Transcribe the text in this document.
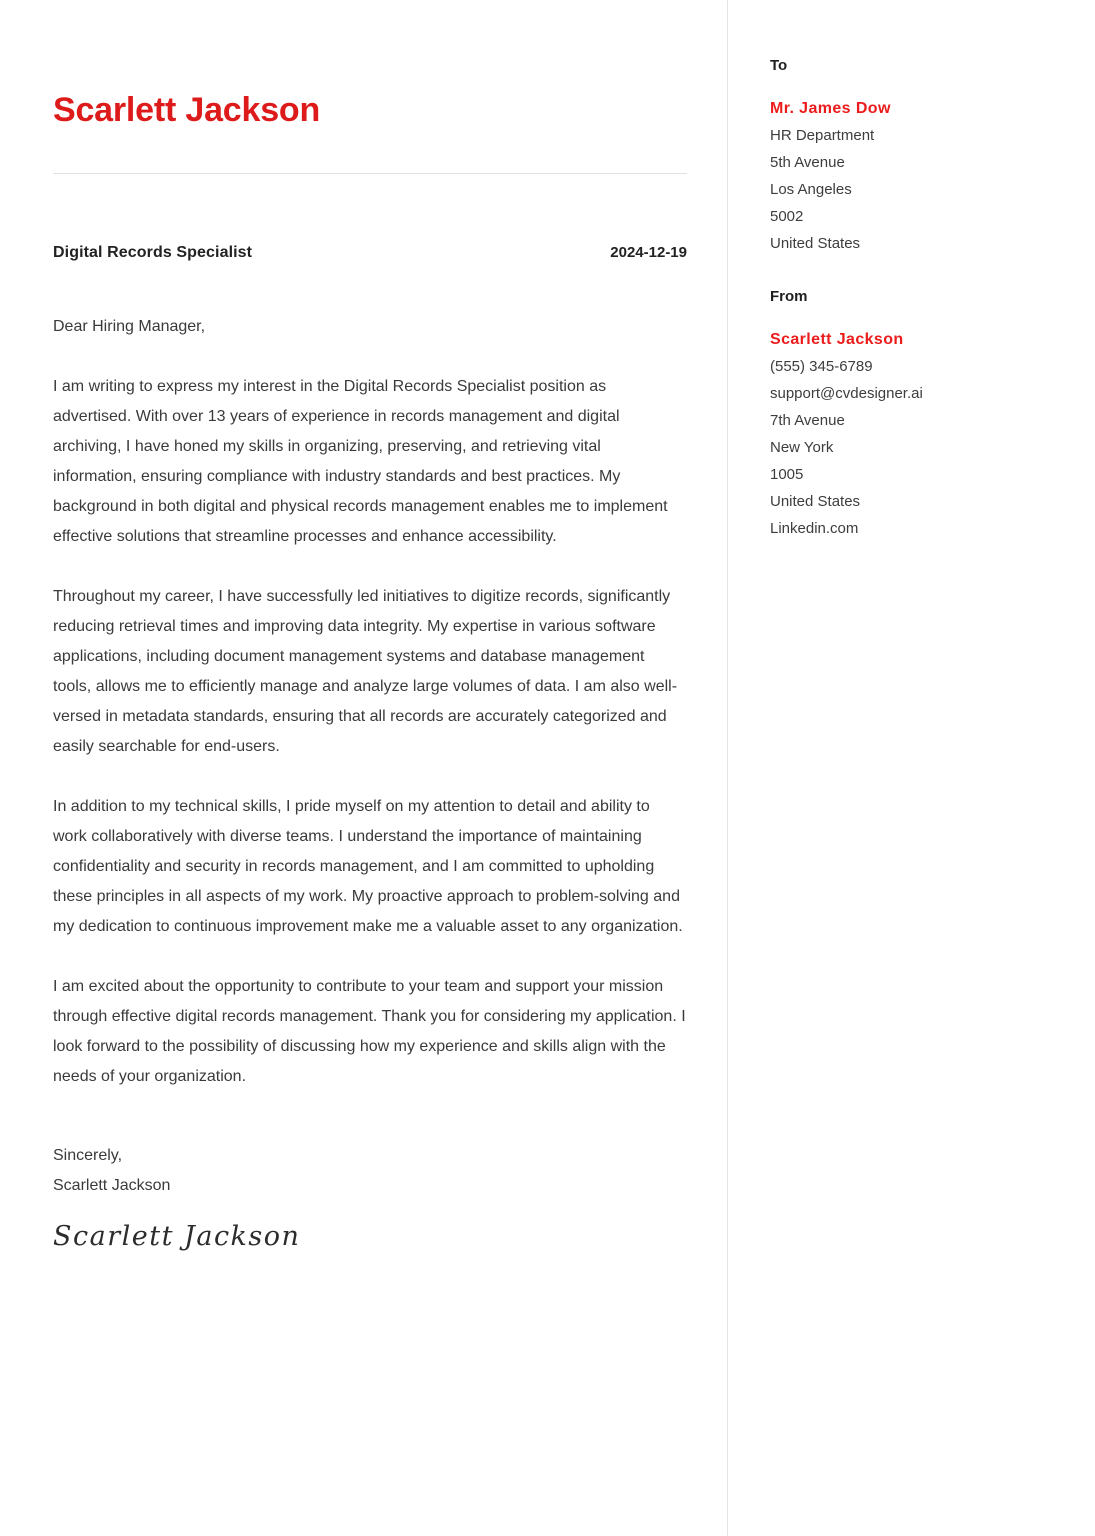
Scarlett Jackson
Digital Records Specialist	2024-12-19
Dear Hiring Manager,

I am writing to express my interest in the Digital Records Specialist position as advertised. With over 13 years of experience in records management and digital archiving, I have honed my skills in organizing, preserving, and retrieving vital information, ensuring compliance with industry standards and best practices. My background in both digital and physical records management enables me to implement effective solutions that streamline processes and enhance accessibility.

Throughout my career, I have successfully led initiatives to digitize records, significantly reducing retrieval times and improving data integrity. My expertise in various software applications, including document management systems and database management tools, allows me to efficiently manage and analyze large volumes of data. I am also well-versed in metadata standards, ensuring that all records are accurately categorized and easily searchable for end-users.

In addition to my technical skills, I pride myself on my attention to detail and ability to work collaboratively with diverse teams. I understand the importance of maintaining confidentiality and security in records management, and I am committed to upholding these principles in all aspects of my work. My proactive approach to problem-solving and my dedication to continuous improvement make me a valuable asset to any organization.

I am excited about the opportunity to contribute to your team and support your mission through effective digital records management. Thank you for considering my application. I look forward to the possibility of discussing how my experience and skills align with the needs of your organization.

Sincerely,
Scarlett Jackson
Scarlett Jackson
To
Mr. James Dow
HR Department
5th Avenue
Los Angeles
5002
United States
From
Scarlett Jackson
(555) 345-6789
support@cvdesigner.ai
7th Avenue
New York
1005
United States
Linkedin.com
